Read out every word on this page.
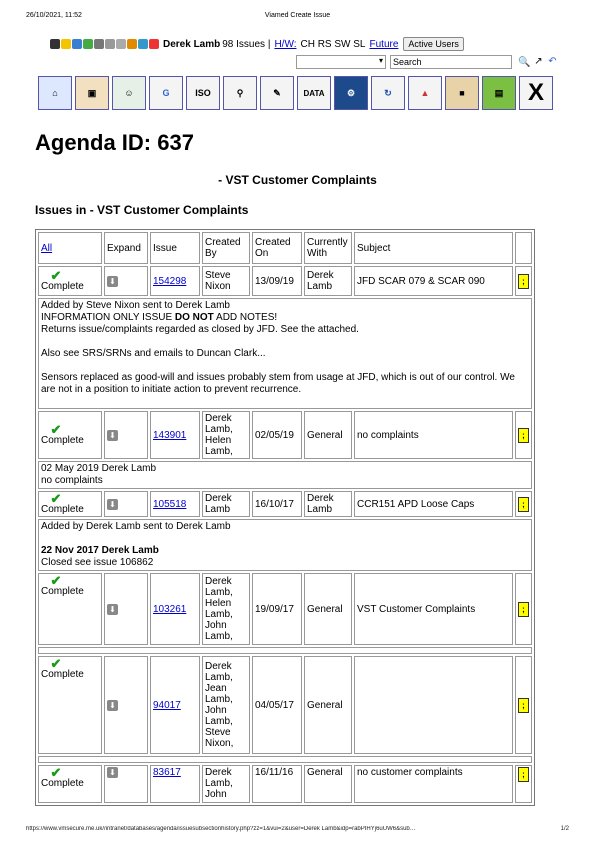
26/10/2021, 11:52	Viamed Create Issue
Derek Lamb 98 Issues | H/W: CH RS SW SL Future	Active Users
▾	Search	🔍 ↗ ↶
⌂	▣	☺	G	ISO	⚲	✎	DATA	⚙	↻	▲	■	▤	X
Agenda ID: 637
- VST Customer Complaints
Issues in - VST Customer Complaints
All	Expand	Issue	Created By	Created On	Currently With	Subject	

✔
Complete	⬇	154298	Steve Nixon	13/09/19	Derek Lamb	JFD SCAR 079 & SCAR 090	;
Added by Steve Nixon sent to Derek Lamb
INFORMATION ONLY ISSUE DO NOT ADD NOTES!
Returns issue/complaints regarded as closed by JFD. See the attached.

Also see SRS/SRNs and emails to Duncan Clark...

Sensors replaced as good-will and issues probably stem from usage at JFD, which is out of our control. We are not in a position to initiate action to prevent recurrence.							

✔
Complete	⬇	143901	Derek Lamb, Helen Lamb,	02/05/19	General	no complaints	;
02 May 2019 Derek Lamb
no complaints							

✔
Complete	⬇	105518	Derek Lamb	16/10/17	Derek Lamb	CCR151 APD Loose Caps	;
Added by Derek Lamb sent to Derek Lamb

22 Nov 2017 Derek Lamb
Closed see issue 106862							

✔
Complete	⬇	103261	Derek Lamb, Helen Lamb, John Lamb,	19/09/17	General	VST Customer Complaints	;

✔
Complete	⬇	94017	Derek Lamb, Jean Lamb, John Lamb, Steve Nixon,	04/05/17	General		;

✔
Complete	⬇	83617	Derek Lamb, John	16/11/16	General	no customer complaints	;
https://www.vmsecure.me.uk//intranet/databases/agenda/issuesubsectionhistory.php?zz=1&vui=2&user=Derek Lamb&idp=rabPIHYj6uUW6&sub…	1/2
